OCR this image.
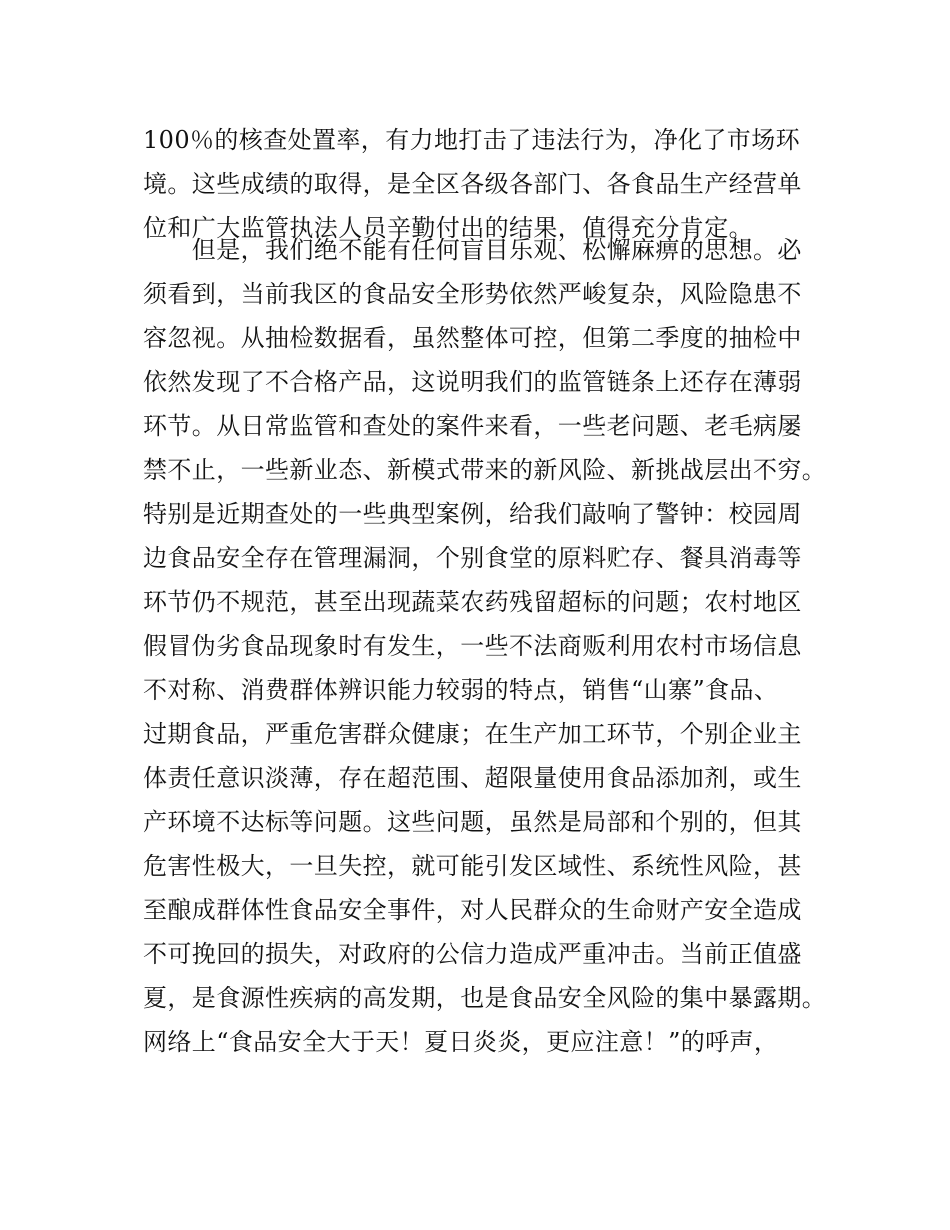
100％的核查处置率，有力地打击了违法行为，净化了市场环
境。这些成绩的取得，是全区各级各部门、各食品生产经营单
位和广大监管执法人员辛勤付出的结果，值得充分肯定。

　　但是，我们绝不能有任何盲目乐观、松懈麻痹的思想。必
须看到，当前我区的食品安全形势依然严峻复杂，风险隐患不
容忽视。从抽检数据看，虽然整体可控，但第二季度的抽检中
依然发现了不合格产品，这说明我们的监管链条上还存在薄弱
环节。从日常监管和查处的案件来看，一些老问题、老毛病屡
禁不止，一些新业态、新模式带来的新风险、新挑战层出不穷。
特别是近期查处的一些典型案例，给我们敲响了警钟：校园周
边食品安全存在管理漏洞，个别食堂的原料贮存、餐具消毒等
环节仍不规范，甚至出现蔬菜农药残留超标的问题；农村地区
假冒伪劣食品现象时有发生，一些不法商贩利用农村市场信息
不对称、消费群体辨识能力较弱的特点，销售“山寨”食品、
过期食品，严重危害群众健康；在生产加工环节，个别企业主
体责任意识淡薄，存在超范围、超限量使用食品添加剂，或生
产环境不达标等问题。这些问题，虽然是局部和个别的，但其
危害性极大，一旦失控，就可能引发区域性、系统性风险，甚
至酿成群体性食品安全事件，对人民群众的生命财产安全造成
不可挽回的损失，对政府的公信力造成严重冲击。当前正值盛
夏，是食源性疾病的高发期，也是食品安全风险的集中暴露期。
网络上“食品安全大于天！夏日炎炎，更应注意！”的呼声，
